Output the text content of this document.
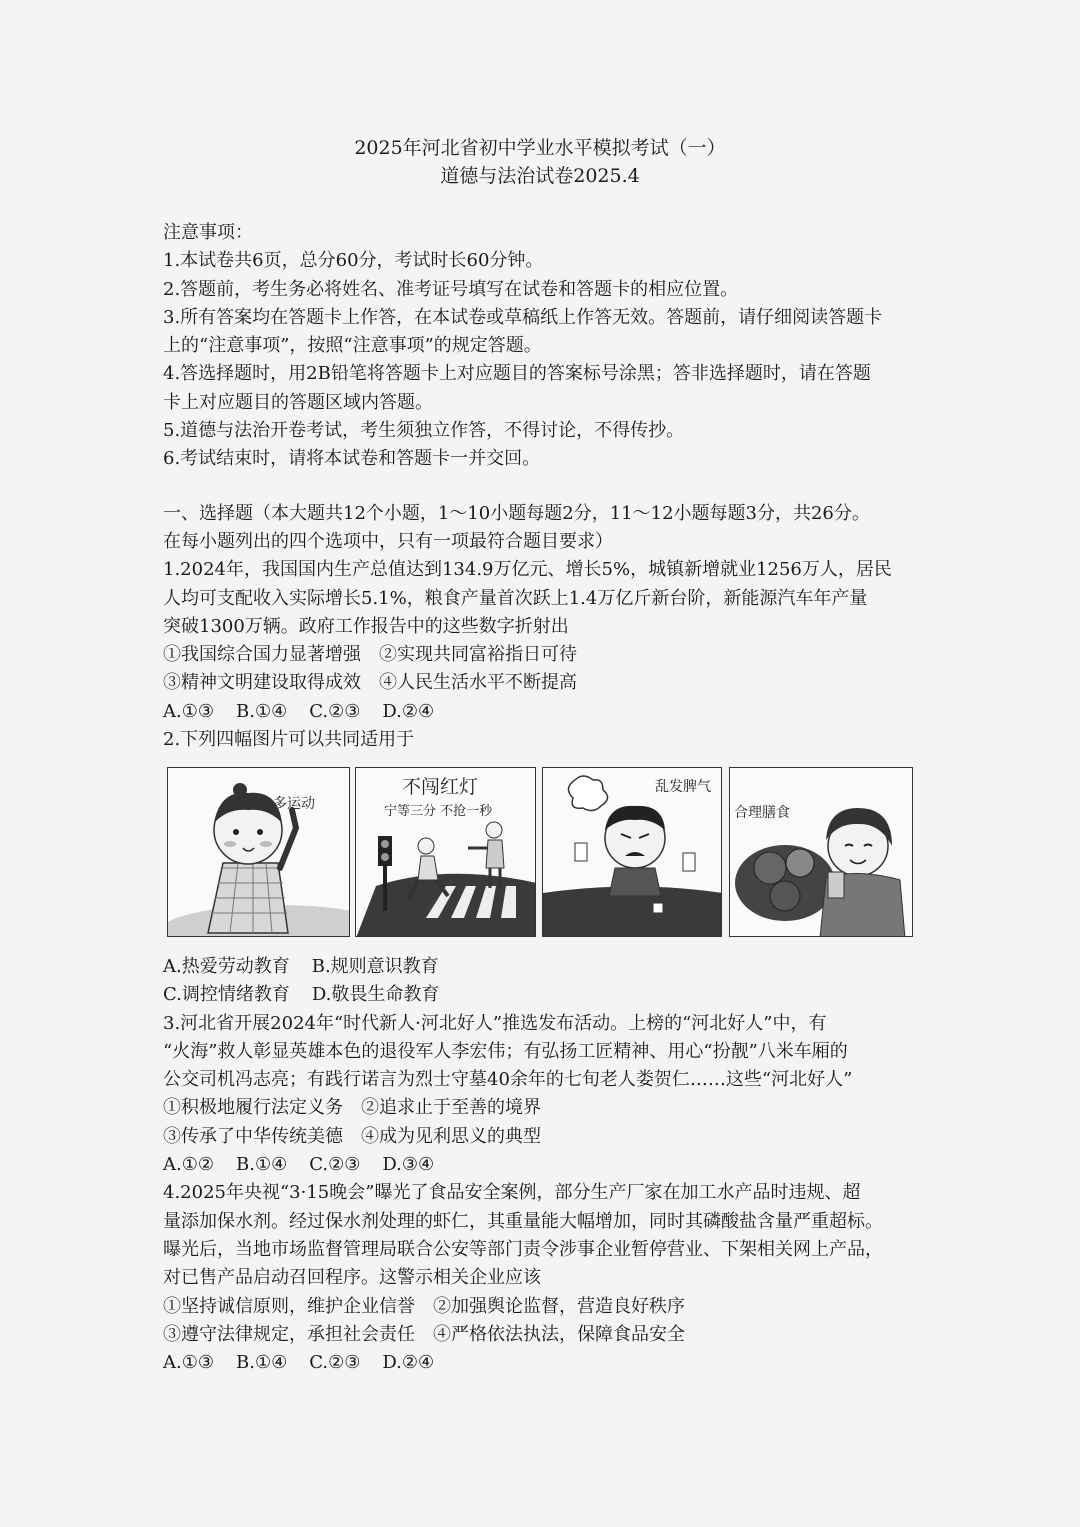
2025年河北省初中学业水平模拟考试（一）
道德与法治试卷2025.4

注意事项：

1.本试卷共6页，总分60分，考试时长60分钟。

2.答题前，考生务必将姓名、准考证号填写在试卷和答题卡的相应位置。

3.所有答案均在答题卡上作答，在本试卷或草稿纸上作答无效。答题前，请仔细阅读答题卡

上的“注意事项”，按照“注意事项”的规定答题。

4.答选择题时，用2B铅笔将答题卡上对应题目的答案标号涂黑；答非选择题时，请在答题

卡上对应题目的答题区域内答题。

5.道德与法治开卷考试，考生须独立作答，不得讨论，不得传抄。

6.考试结束时，请将本试卷和答题卡一并交回。

一、选择题（本大题共12个小题，1～10小题每题2分，11～12小题每题3分，共26分。

在每小题列出的四个选项中，只有一项最符合题目要求）

1.2024年，我国国内生产总值达到134.9万亿元、增长5%，城镇新增就业1256万人，居民

人均可支配收入实际增长5.1%，粮食产量首次跃上1.4万亿斤新台阶，新能源汽车年产量

突破1300万辆。政府工作报告中的这些数字折射出

①我国综合国力显著增强　②实现共同富裕指日可待

③精神文明建设取得成效　④人民生活水平不断提高

A.①③ B.①④ C.②③ D.②④

2.下列四幅图片可以共同适用于

多运动
不闯红灯
宁等三分 不抢一秒
乱发脾气
合理膳食

A.热爱劳动教育 B.规则意识教育

C.调控情绪教育 D.敬畏生命教育

3.河北省开展2024年“时代新人·河北好人”推选发布活动。上榜的“河北好人”中，有

“火海”救人彰显英雄本色的退役军人李宏伟；有弘扬工匠精神、用心“扮靓”八米车厢的

公交司机冯志亮；有践行诺言为烈士守墓40余年的七旬老人娄贺仁……这些“河北好人”

①积极地履行法定义务　②追求止于至善的境界

③传承了中华传统美德　④成为见利思义的典型

A.①② B.①④ C.②③ D.③④

4.2025年央视“3·15晚会”曝光了食品安全案例，部分生产厂家在加工水产品时违规、超

量添加保水剂。经过保水剂处理的虾仁，其重量能大幅增加，同时其磷酸盐含量严重超标。

曝光后，当地市场监督管理局联合公安等部门责令涉事企业暂停营业、下架相关网上产品，

对已售产品启动召回程序。这警示相关企业应该

①坚持诚信原则，维护企业信誉　②加强舆论监督，营造良好秩序

③遵守法律规定，承担社会责任　④严格依法执法，保障食品安全

A.①③ B.①④ C.②③ D.②④
